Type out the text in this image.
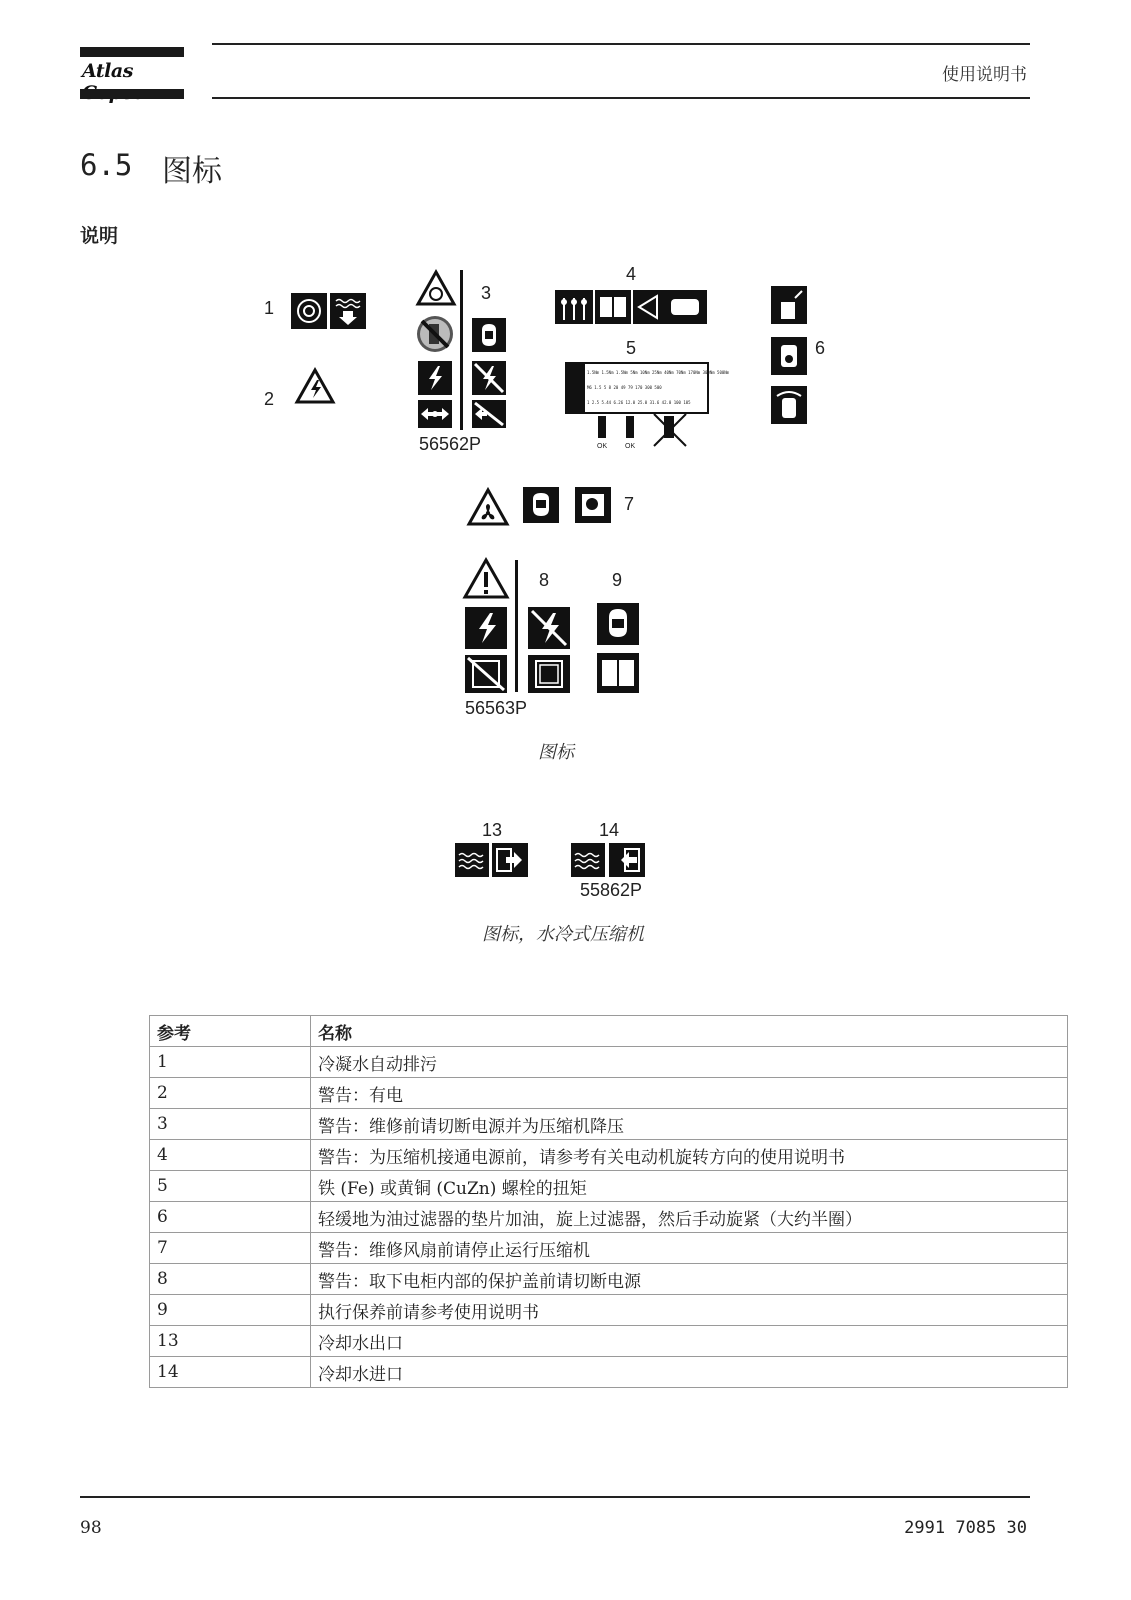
Atlas	使用说明书
6.5 图标
说明
1
2
3
56562P
4
5
1.5Nm 1.5Nm 1.5Nm 5Nm 10Nm 25Nm 40Nm 70Nm 170Nm 300Nm 500Nm
M6 1.5 5 8 20 49 79 170 300 500
1 2.5 5.44 6.26 12.0 25.0 31.6 42.0 100 105
OK	OK
6
7
8	9
56563P
图标
13	14
55862P
图标，水冷式压缩机
参考	名称
1	冷凝水自动排污
2	警告：有电
3	警告：维修前请切断电源并为压缩机降压
4	警告：为压缩机接通电源前，请参考有关电动机旋转方向的使用说明书
5	铁 (Fe) 或黄铜 (CuZn) 螺栓的扭矩
6	轻缓地为油过滤器的垫片加油，旋上过滤器，然后手动旋紧（大约半圈）
7	警告：维修风扇前请停止运行压缩机
8	警告：取下电柜内部的保护盖前请切断电源
9	执行保养前请参考使用说明书
13	冷却水出口
14	冷却水进口
98	2991 7085 30
